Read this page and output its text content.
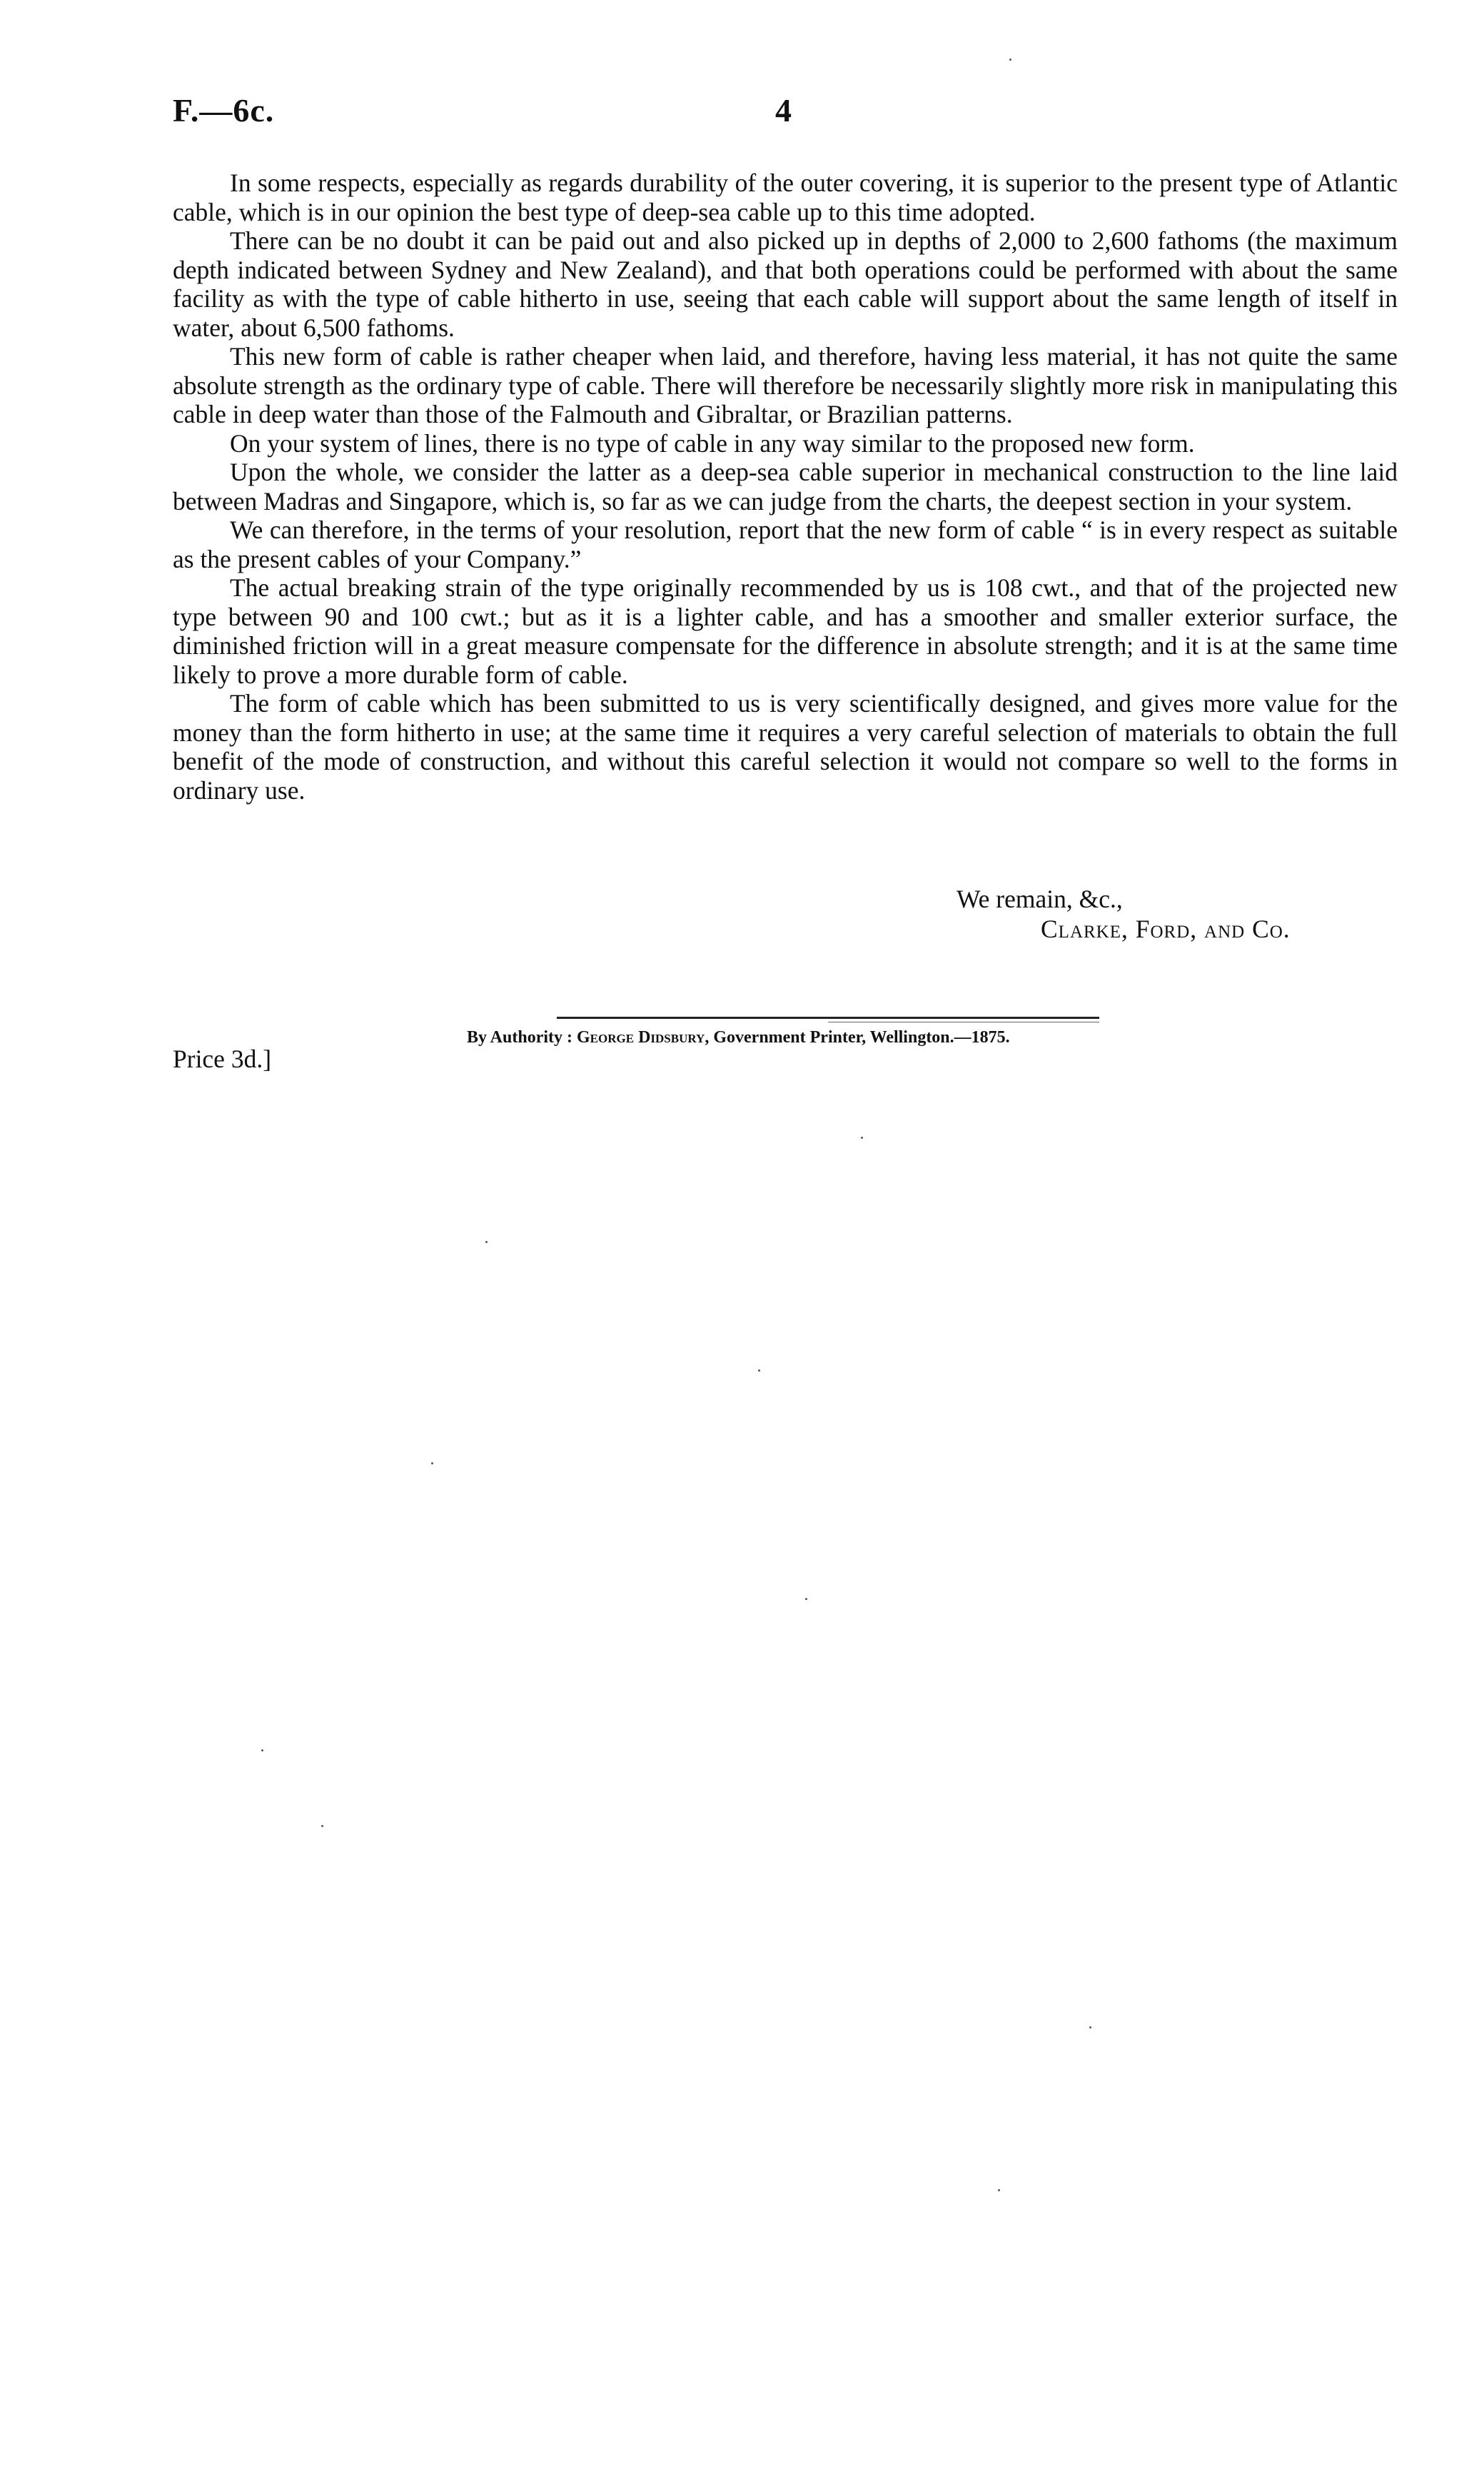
F.—6c.	4

In some respects, especially as regards durability of the outer covering, it is superior to the present type of Atlantic cable, which is in our opinion the best type of deep-sea cable up to this time adopted.

There can be no doubt it can be paid out and also picked up in depths of 2,000 to 2,600 fathoms (the maximum depth indicated between Sydney and New Zealand), and that both operations could be performed with about the same facility as with the type of cable hitherto in use, seeing that each cable will support about the same length of itself in water, about 6,500 fathoms.

This new form of cable is rather cheaper when laid, and therefore, having less material, it has not quite the same absolute strength as the ordinary type of cable. There will therefore be necessarily slightly more risk in manipulating this cable in deep water than those of the Falmouth and Gibraltar, or Brazilian patterns.

On your system of lines, there is no type of cable in any way similar to the proposed new form.

Upon the whole, we consider the latter as a deep-sea cable superior in mechanical construction to the line laid between Madras and Singapore, which is, so far as we can judge from the charts, the deepest section in your system.

We can therefore, in the terms of your resolution, report that the new form of cable “ is in every respect as suitable as the present cables of your Company.”

The actual breaking strain of the type originally recommended by us is 108 cwt., and that of the projected new type between 90 and 100 cwt.; but as it is a lighter cable, and has a smoother and smaller exterior surface, the diminished friction will in a great measure compensate for the difference in absolute strength; and it is at the same time likely to prove a more durable form of cable.

The form of cable which has been submitted to us is very scientifically designed, and gives more value for the money than the form hitherto in use; at the same time it requires a very careful selection of materials to obtain the full benefit of the mode of construction, and without this careful selection it would not compare so well to the forms in ordinary use.

We remain, &c.,
Clarke, Ford, and Co.
By Authority : George Didsbury, Government Printer, Wellington.—1875.
Price 3d.]
